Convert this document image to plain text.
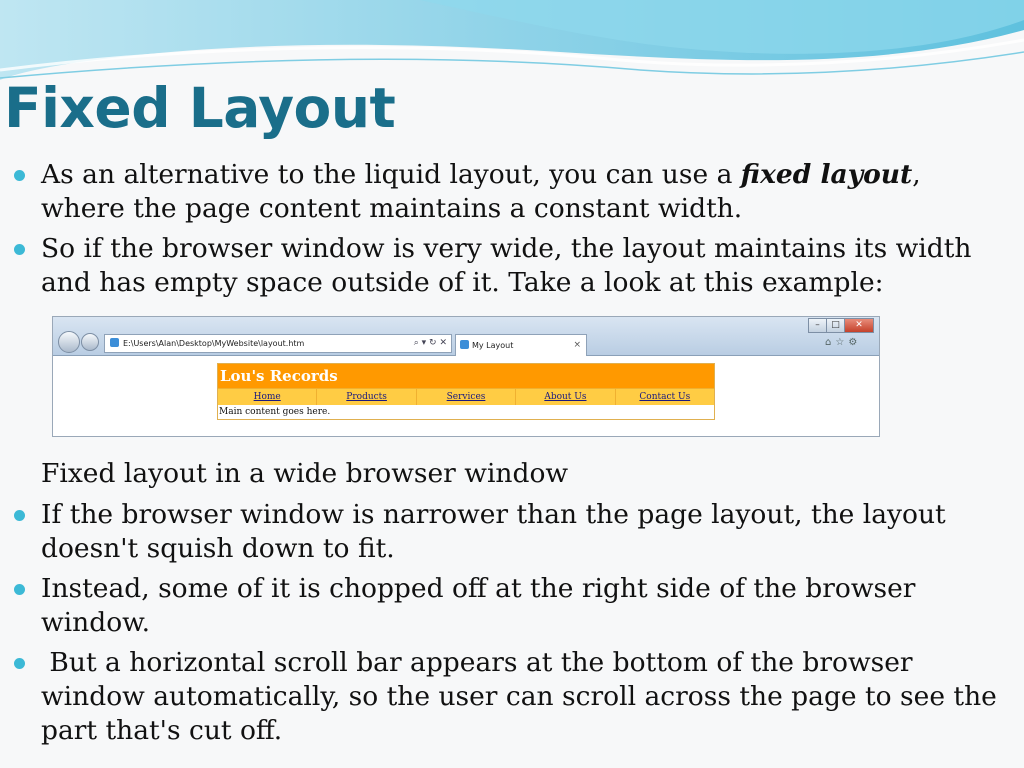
Fixed Layout
As an alternative to the liquid layout, you can use a fixed layout, where the page content maintains a constant width.
So if the browser window is very wide, the layout maintains its width and has empty space outside of it. Take a look at this example:
E:\Users\Alan\Desktop\MyWebsite\layout.htm	⌕ ▾ ↻ ✕	My Layout	×
– □ ✕
⌂☆⚙
Lou's Records
Home	Products	Services	About Us	Contact Us
Main content goes here.
Fixed layout in a wide browser window
If the browser window is narrower than the page layout, the layout doesn't squish down to fit.
Instead, some of it is chopped off at the right side of the browser window.
But a horizontal scroll bar appears at the bottom of the browser window automatically, so the user can scroll across the page to see the part that's cut off.
